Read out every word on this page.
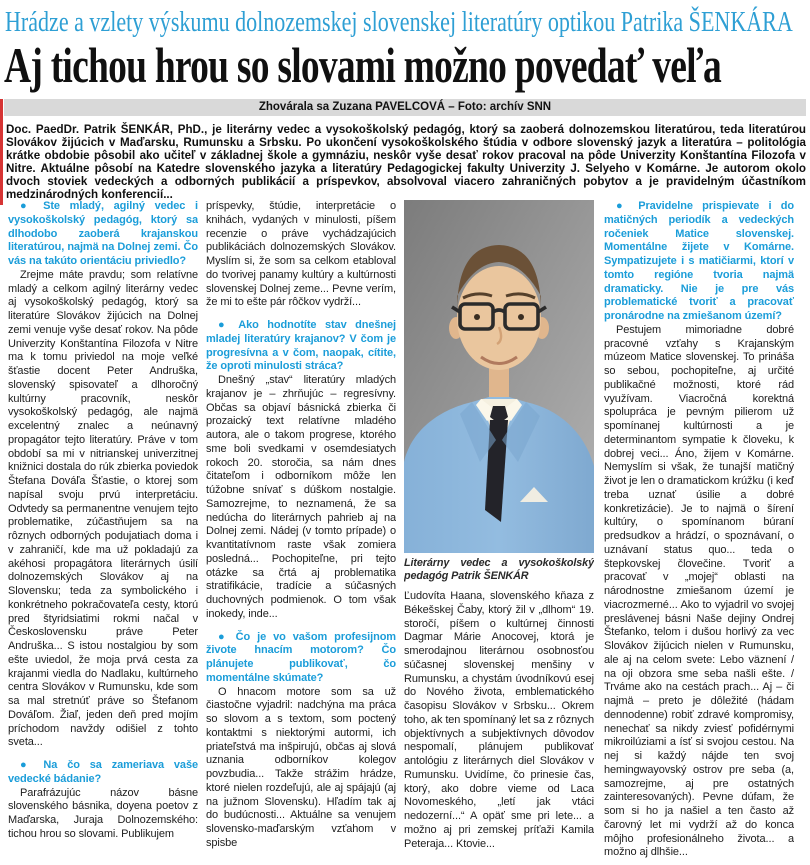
Hrádze a vzlety výskumu dolnozemskej slovenskej literatúry optikou Patrika ŠENKÁRA
Aj tichou hrou so slovami možno povedať veľa
Zhovárala sa Zuzana PAVELCOVÁ – Foto: archív SNN
Doc. PaedDr. Patrik ŠENKÁR, PhD., je literárny vedec a vysokoškolský pedagóg, ktorý sa zaoberá dolnozemskou literatúrou, teda literatúrou Slovákov žijúcich v Maďarsku, Rumunsku a Srbsku. Po ukončení vysokoškolského štúdia v odbore slovenský jazyk a literatúra – politológia krátke obdobie pôsobil ako učiteľ v základnej škole a gymnáziu, neskôr vyše desať rokov pracoval na pôde Univerzity Konštantína Filozofa v Nitre. Aktuálne pôsobí na Katedre slovenského jazyka a literatúry Pedagogickej fakulty Univerzity J. Selyeho v Komárne. Je autorom okolo dvoch stoviek vedeckých a odborných publikácií a príspevkov, absolvoval viacero zahraničných pobytov a je pravidelným účastníkom medzinárodných konferencií...

● Ste mladý, agilný vedec i vysokoškolský pedagóg, ktorý sa dlhodobo zaoberá krajanskou literatúrou, najmä na Dolnej zemi. Čo vás na takúto orientáciu priviedlo?

Zrejme máte pravdu; som relatívne mladý a celkom agilný literárny vedec aj vysokoškolský pedagóg, ktorý sa literatúre Slovákov žijúcich na Dolnej zemi venuje vyše desať rokov. Na pôde Univerzity Konštantína Filozofa v Nitre ma k tomu priviedol na moje veľké šťastie docent Peter Andruška, slovenský spisovateľ a dlhoročný kultúrny pracovník, neskôr vysokoškolský pedagóg, ale najmä excelentný znalec a neúnavný propagátor tejto literatúry. Práve v tom období sa mi v nitrianskej univerzitnej knižnici dostala do rúk zbierka poviedok Štefana Dováľa Šťastie, o ktorej som napísal svoju prvú interpretáciu. Odvtedy sa permanentne venujem tejto problematike, zúčastňujem sa na rôznych odborných podujatiach doma i v zahraničí, kde ma už pokladajú za akéhosi propagátora literárnych úsilí dolnozemských Slovákov aj na Slovensku; teda za symbolického i konkrétneho pokračovateľa cesty, ktorú pred štyridsiatimi rokmi načal v Československu práve Peter Andruška... S istou nostalgiou by som ešte uviedol, že moja prvá cesta za krajanmi viedla do Nadlaku, kultúrneho centra Slovákov v Rumunsku, kde som sa mal stretnúť práve so Štefanom Dováľom. Žiaľ, jeden deň pred mojím príchodom navždy odišiel z tohto sveta...

● Na čo sa zameriava vaše vedecké bádanie?

Parafrázujúc názov básne slovenského básnika, doyena poetov z Maďarska, Juraja Dolnozemského: tichou hrou so slovami. Publikujem

príspevky, štúdie, interpretácie o knihách, vydaných v minulosti, píšem recenzie o práve vychádzajúcich publikáciách dolnozemských Slovákov. Myslím si, že som sa celkom etabloval do tvorivej panamy kultúry a kultúrnosti slovenskej Dolnej zeme... Pevne verím, že mi to ešte pár rôčkov vydrží...

● Ako hodnotíte stav dnešnej mladej literatúry krajanov? V čom je progresívna a v čom, naopak, cítite, že oproti minulosti stráca?

Dnešný „stav“ literatúry mladých krajanov je – zhrňujúc – regresívny. Občas sa objaví básnická zbierka či prozaický text relatívne mladého autora, ale o takom progrese, ktorého sme boli svedkami v osemdesiatych rokoch 20. storočia, sa nám dnes čitateľom i odborníkom môže len túžobne snívať s dúškom nostalgie. Samozrejme, to neznamená, že sa nedúcha do literárnych pahrieb aj na Dolnej zemi. Nádej (v tomto prípade) o kvantitatívnom raste však zomiera posledná... Pochopiteľne, pri tejto otázke sa črtá aj problematika stratifikácie, tradície a súčasných duchovných podmienok. O tom však inokedy, inde...

● Čo je vo vašom profesijnom živote hnacím motorom? Čo plánujete publikovať, čo momentálne skúmate?

O hnacom motore som sa už čiastočne vyjadril: nadchýna ma práca so slovom a s textom, som poctený kontaktmi s niektorými autormi, ich priateľstvá ma inšpirujú, občas aj slová uznania odborníkov kolegov povzbudia... Takže strážim hrádze, ktoré nielen rozdeľujú, ale aj spájajú (aj na južnom Slovensku). Hľadím tak aj do budúcnosti... Aktuálne sa venujem slovensko-maďarským vzťahom v spisbe

Literárny vedec a vysokoškolský pedagóg Patrik ŠENKÁR

Ľudovíta Haana, slovenského kňaza z Békešskej Čaby, ktorý žil v „dlhom“ 19. storočí, píšem o kultúrnej činnosti Dagmar Márie Anocovej, ktorá je smerodajnou literárnou osobnosťou súčasnej slovenskej menšiny v Rumunsku, a chystám úvodníkovú esej do Nového života, emblematického časopisu Slovákov v Srbsku... Okrem toho, ak ten spomínaný let sa z rôznych objektívnych a subjektívnych dôvodov nespomalí, plánujem publikovať antológiu z literárnych diel Slovákov v Rumunsku. Uvidíme, čo prinesie čas, ktorý, ako dobre vieme od Laca Novomeského, „letí jak vtáci nedozerní...“ A opäť sme pri lete... a možno aj pri zemskej príťaži Kamila Peteraja... Ktovie...

● Pravidelne prispievate i do matičných periodík a vedeckých ročeniek Matice slovenskej. Momentálne žijete v Komárne. Sympatizujete i s matičiarmi, ktorí v tomto regióne tvoria najmä dramaticky. Nie je pre vás problematické tvoriť a pracovať pronárodne na zmiešanom území?

Pestujem mimoriadne dobré pracovné vzťahy s Krajanským múzeom Matice slovenskej. To prináša so sebou, pochopiteľne, aj určité publikačné možnosti, ktoré rád využívam. Viacročná korektná spolupráca je pevným pilierom už spomínanej kultúrnosti a je determinantom sympatie k človeku, k dobrej veci... Áno, žijem v Komárne. Nemyslím si však, že tunajší matičný život je len o dramatickom krúžku (i keď treba uznať úsilie a dobré konkretizácie). Je to najmä o šírení kultúry, o spomínanom búraní predsudkov a hrádzí, o spoznávaní, o uznávaní status quo... teda o štepkovskej človečine. Tvoriť a pracovať v „mojej“ oblasti na národnostne zmiešanom území je viacrozmerné... Ako to vyjadril vo svojej preslávenej básni Naše dejiny Ondrej Štefanko, telom i dušou horlivý za vec Slovákov žijúcich nielen v Rumunsku, ale aj na celom svete: Lebo väznení / na oji obzora sme seba našli ešte. / Trváme ako na cestách prach... Aj – či najmä – preto je dôležité (hádam dennodenne) robiť zdravé kompromisy, nenechať sa nikdy zviesť pofidérnymi mikroilúziami a ísť si svojou cestou. Na nej si každý nájde ten svoj hemingwayovský ostrov pre seba (a, samozrejme, aj pre ostatných zainteresovaných). Pevne dúfam, že som si ho ja našiel a ten často až čarovný let mi vydrží až do konca môjho profesionálneho života... a možno aj dlhšie...
